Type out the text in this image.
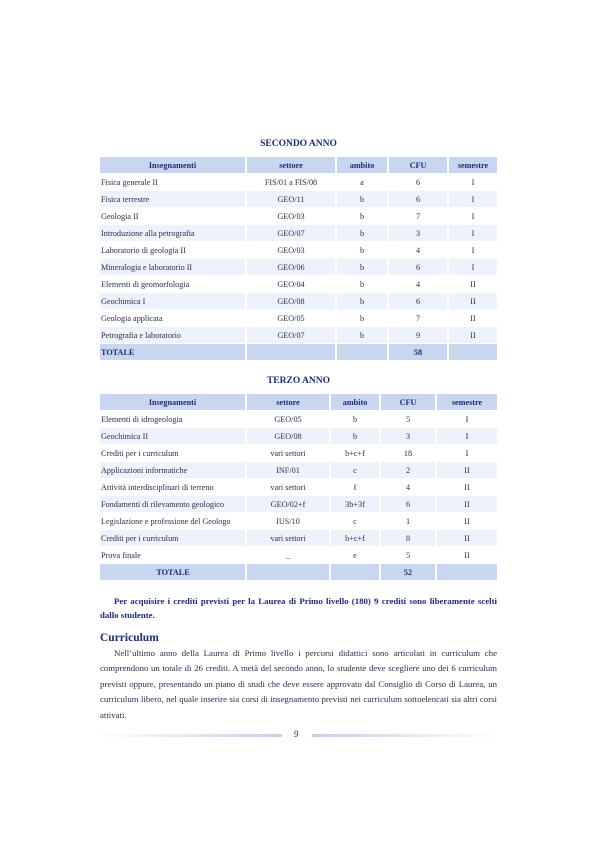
SECONDO ANNO
Insegnamenti	settore	ambito	CFU	semestre
Fisica generale II	FIS/01 a FIS/08	a	6	I
Fisica terrestre	GEO/11	b	6	I
Geologia II	GEO/03	b	7	I
Introduzione alla petrografia	GEO/07	b	3	I
Laboratorio di geologia II	GEO/03	b	4	I
Mineralogia e laboratorio II	GEO/06	b	6	I
Elementi di geomorfologia	GEO/04	b	4	II
Geochimica I	GEO/08	b	6	II
Geologia applicata	GEO/05	b	7	II
Petrografia e laboratorio	GEO/07	b	9	II
TOTALE			58	
TERZO ANNO
Insegnamenti	settore	ambito	CFU	semestre
Elementi di idrogeologia	GEO/05	b	5	I
Geochimica II	GEO/08	b	3	I
Crediti per i curriculum	vari settori	b+c+f	18	I
Applicazioni informatiche	INF/01	c	2	II
Attività interdisciplinari di terreno	vari settori	f	4	II
Fondamenti di rilevamento geologico	GEO/02+f	3b+3f	6	II
Legislazione e professione del Geologo	IUS/10	c	1	II
Crediti per i curriculum	vari settori	b+c+f	8	II
Prova finale	_	e	5	II
TOTALE			52	
Per acquisire i crediti previsti per la Laurea di Primo livello (180) 9 crediti sono liberamente scelti dallo studente.
Curriculum
Nell’ultimo anno della Laurea di Primo livello i percorsi didattici sono articolati in curriculum che comprendono un totale di 26 crediti. A metà del secondo anno, lo studente deve scegliere uno dei 6 curriculum previsti oppure, presentando un piano di studi che deve essere approvato dal Consiglio di Corso di Laurea, un curriculum libero, nel quale inserire sia corsi di insegnamento previsti nei curriculum sottoelencati sia altri corsi attivati.
9
